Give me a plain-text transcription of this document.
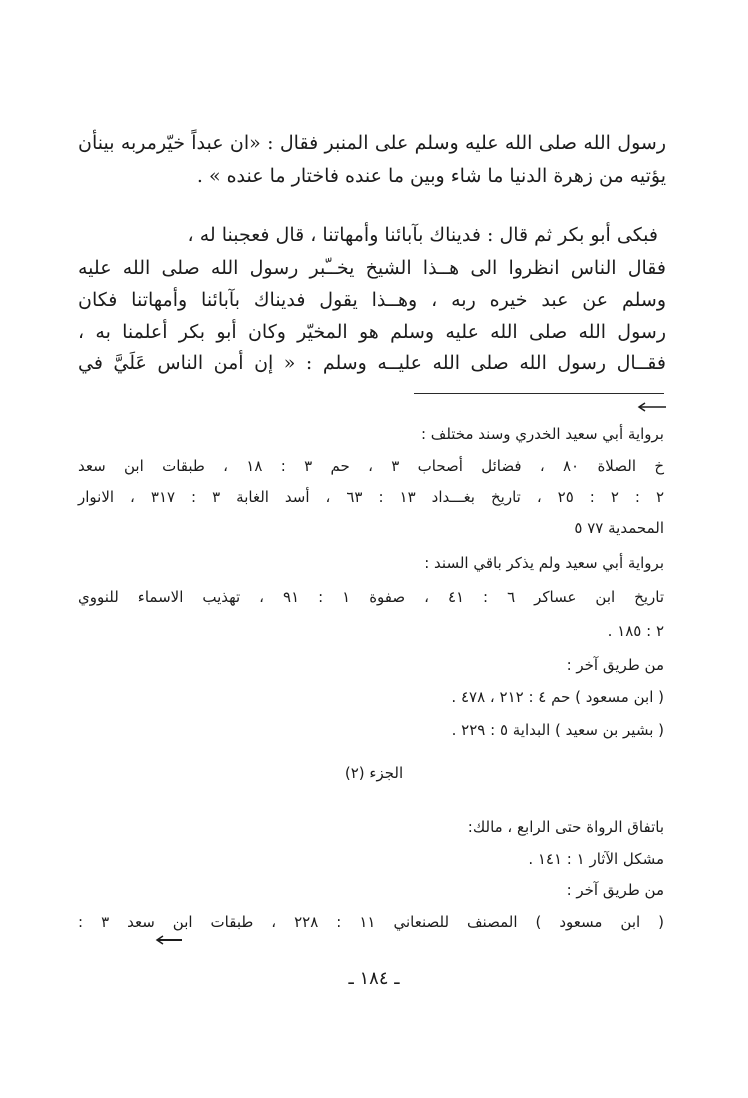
رسول الله صلى الله عليه وسلم على المنبر فقال : «ان عبداً خيّرمربه بينأن
يؤتيه من زهرة الدنيا ما شاء وبين ما عنده فاختار ما عنده » .
فبكى أبو بكر ثم قال : فديناك بآبائنا وأمهاتنا ، قال فعجبنا له ،
فقال الناس انظروا الى هــذا الشيخ يخــّبر رسول الله صلى الله عليه
وسلم عن عبد خيره ربه ، وهــذا يقول فديناك بآبائنا وأمهاتنا فكان
رسول الله صلى الله عليه وسلم هو المخيّر وكان أبو بكر أعلمنا به ،
فقــال رسول الله صلى الله عليــه وسلم : « إن أمن الناس عَلَيَّ في
برواية أبي سعيد الخدري وسند مختلف :
خ الصلاة ٨٠ ، فضائل أصحاب ٣ ، حم ٣ : ١٨ ، طبقات ابن سعد
٢ : ٢ : ٢٥ ، تاريخ بغـــداد ١٣ : ٦٣ ، أسد الغابة ٣ : ٣١٧ ، الانوار
المحمدية ٧٧ ٥
برواية أبي سعيد ولم يذكر باقي السند :
تاريخ ابن عساكر ٦ : ٤١ ، صفوة ١ : ٩١ ، تهذيب الاسماء للنووي
٢ : ١٨٥ .
من طريق آخر :
( ابن مسعود ) حم ٤ : ٢١٢ ، ٤٧٨ .
( بشير بن سعيد ) البداية ٥ : ٢٢٩ .
الجزء (٢)
باتفاق الرواة حتى الرابع ، مالك:
مشكل الآثار ١ : ١٤١ .
من طريق آخر :
( ابن مسعود ) المصنف للصنعاني ١١ : ٢٢٨ ، طبقات ابن سعد ٣ :
ـ ١٨٤ ـ
